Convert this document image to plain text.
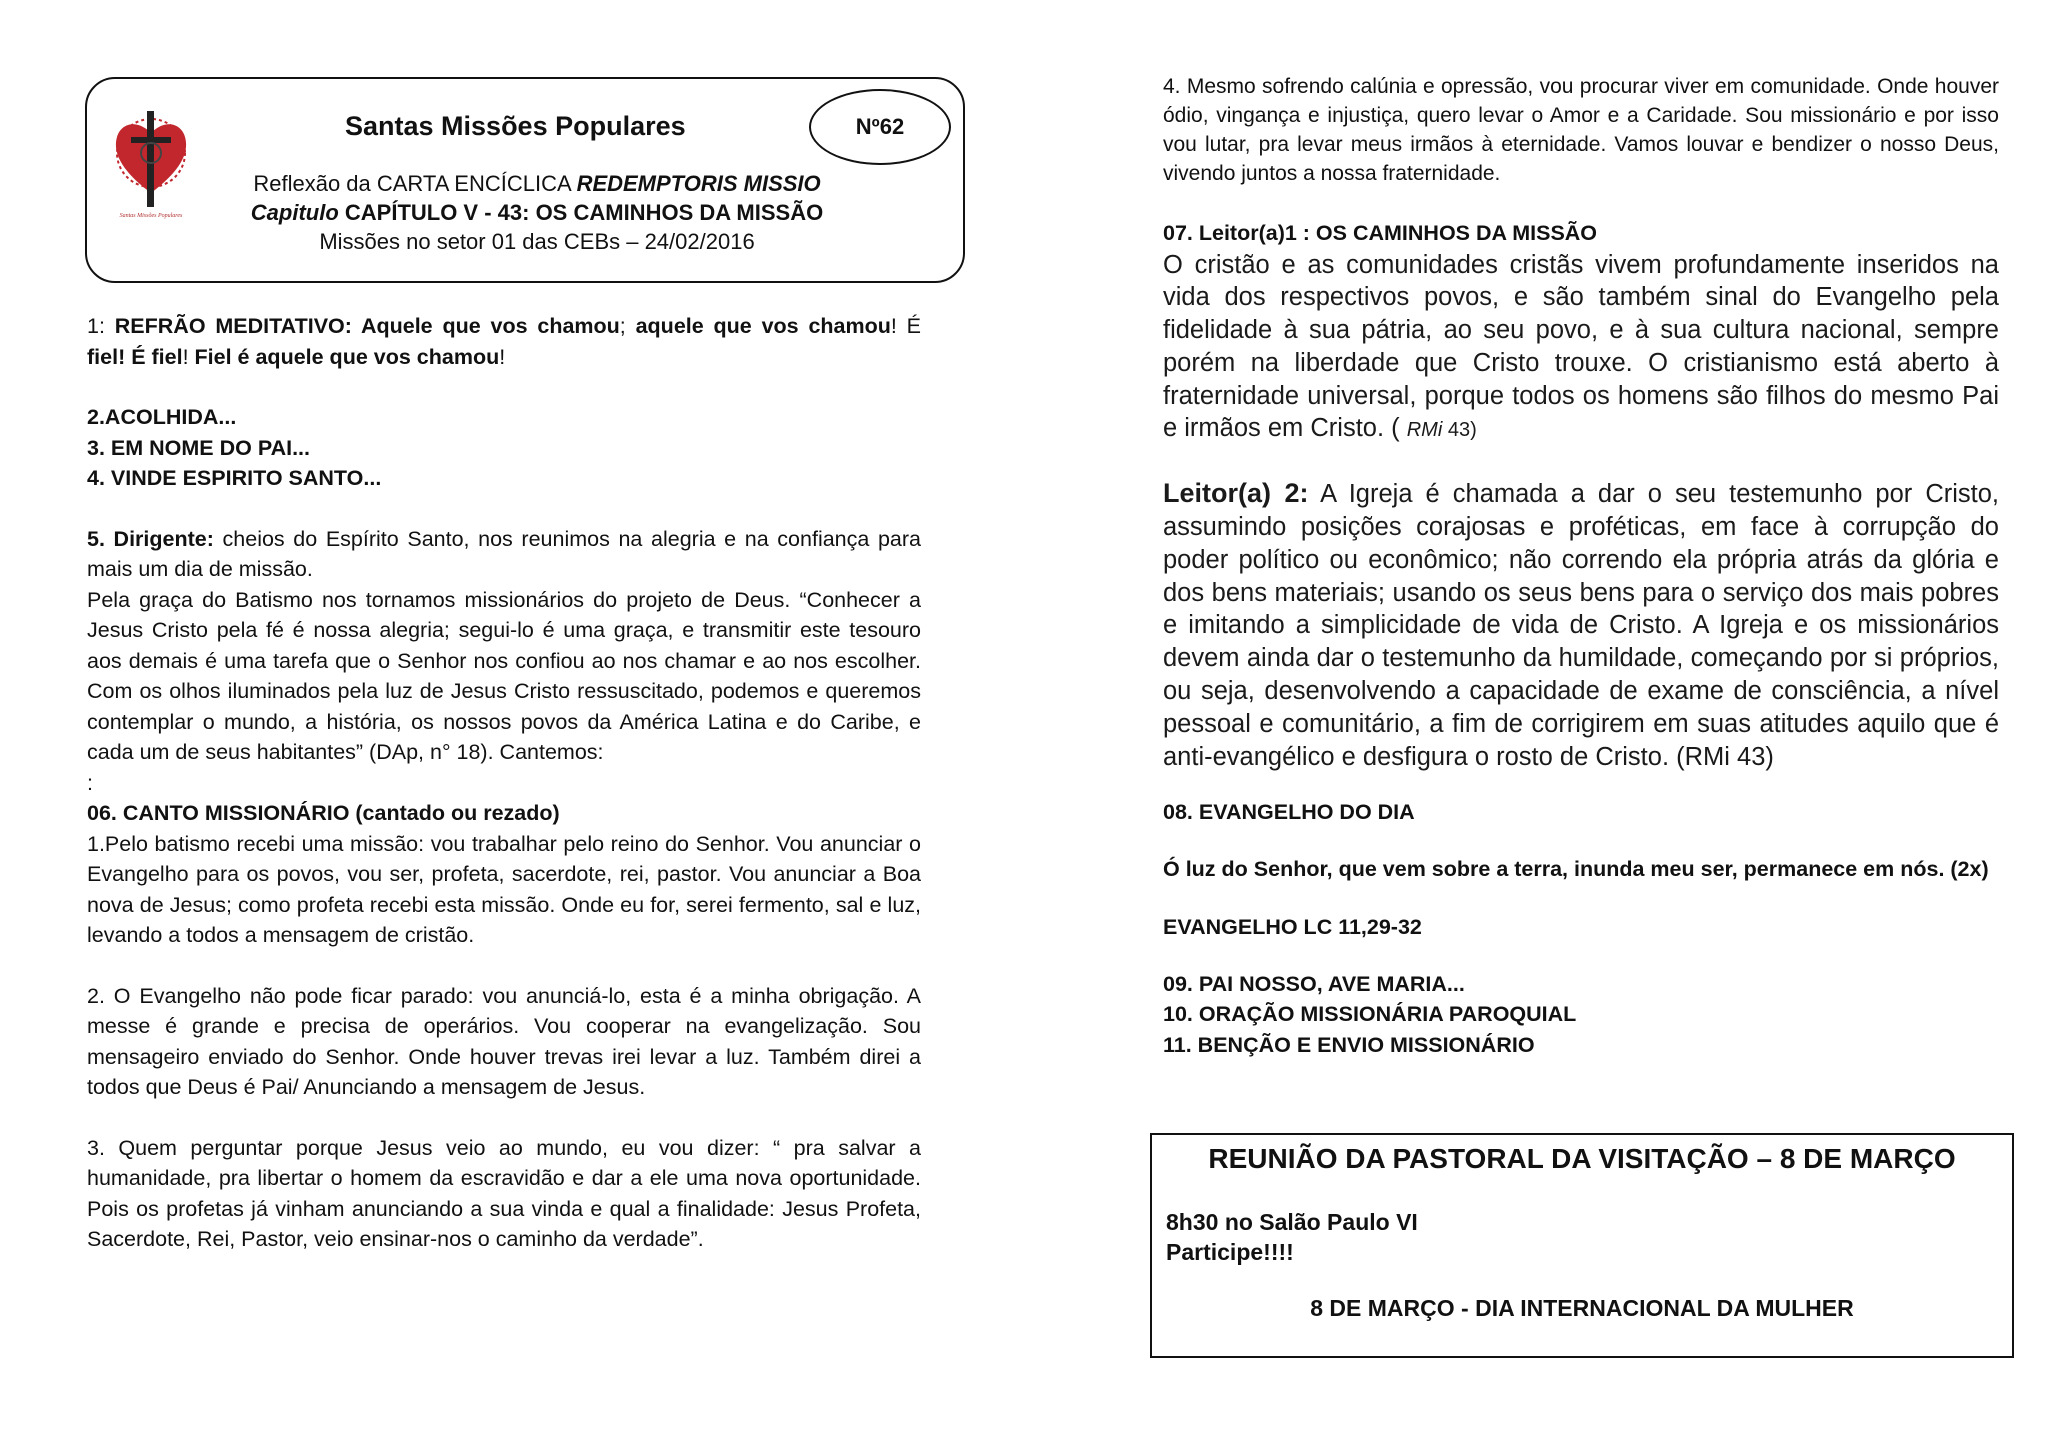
Santas Missões Populares
Santas Missões Populares	Nº62
Reflexão da CARTA ENCÍCLICA REDEMPTORIS MISSIO
Capitulo CAPÍTULO V - 43: OS CAMINHOS DA MISSÃO
Missões no setor 01 das CEBs – 24/02/2016

1: REFRÃO MEDITATIVO: Aquele que vos chamou; aquele que vos chamou! É fiel! É fiel! Fiel é aquele que vos chamou!

2.ACOLHIDA...

3. EM NOME DO PAI...

4. VINDE ESPIRITO SANTO...

5. Dirigente: cheios do Espírito Santo, nos reunimos na alegria e na confiança para mais um dia de missão.

Pela graça do Batismo nos tornamos missionários do projeto de Deus. “Conhecer a Jesus Cristo pela fé é nossa alegria; segui-lo é uma graça, e transmitir este tesouro aos demais é uma tarefa que o Senhor nos confiou ao nos chamar e ao nos escolher. Com os olhos iluminados pela luz de Jesus Cristo ressuscitado, podemos e queremos contemplar o mundo, a história, os nossos povos da América Latina e do Caribe, e cada um de seus habitantes” (DAp, n° 18). Cantemos:

:

06. CANTO MISSIONÁRIO (cantado ou rezado)

1.Pelo batismo recebi uma missão: vou trabalhar pelo reino do Senhor. Vou anunciar o Evangelho para os povos, vou ser, profeta, sacerdote, rei, pastor. Vou anunciar a Boa nova de Jesus; como profeta recebi esta missão. Onde eu for, serei fermento, sal e luz, levando a todos a mensagem de cristão.

2. O Evangelho não pode ficar parado: vou anunciá-lo, esta é a minha obrigação. A messe é grande e precisa de operários. Vou cooperar na evangelização. Sou mensageiro enviado do Senhor. Onde houver trevas irei levar a luz. Também direi a todos que Deus é Pai/ Anunciando a mensagem de Jesus.

3. Quem perguntar porque Jesus veio ao mundo, eu vou dizer: “ pra salvar a humanidade, pra libertar o homem da escravidão e dar a ele uma nova oportunidade. Pois os profetas já vinham anunciando a sua vinda e qual a finalidade: Jesus Profeta, Sacerdote, Rei, Pastor, veio ensinar-nos o caminho da verdade”.

4. Mesmo sofrendo calúnia e opressão, vou procurar viver em comunidade. Onde houver ódio, vingança e injustiça, quero levar o Amor e a Caridade. Sou missionário e por isso vou lutar, pra levar meus irmãos à eternidade. Vamos louvar e bendizer o nosso Deus, vivendo juntos a nossa fraternidade.

07. Leitor(a)1 : OS CAMINHOS DA MISSÃO

O cristão e as comunidades cristãs vivem profundamente inseridos na vida dos respectivos povos, e são também sinal do Evangelho pela fidelidade à sua pátria, ao seu povo, e à sua cultura nacional, sempre porém na liberdade que Cristo trouxe. O cristianismo está aberto à fraternidade universal, porque todos os homens são filhos do mesmo Pai e irmãos em Cristo. ( RMi 43)

Leitor(a) 2: A Igreja é chamada a dar o seu testemunho por Cristo, assumindo posições corajosas e proféticas, em face à corrupção do poder político ou econômico; não correndo ela própria atrás da glória e dos bens materiais; usando os seus bens para o serviço dos mais pobres e imitando a simplicidade de vida de Cristo. A Igreja e os missionários devem ainda dar o testemunho da humildade, começando por si próprios, ou seja, desenvolvendo a capacidade de exame de consciência, a nível pessoal e comunitário, a fim de corrigirem em suas atitudes aquilo que é anti-evangélico e desfigura o rosto de Cristo. (RMi 43)

08. EVANGELHO DO DIA

Ó luz do Senhor, que vem sobre a terra, inunda meu ser, permanece em nós. (2x)

EVANGELHO LC 11,29-32

09. PAI NOSSO, AVE MARIA...

10. ORAÇÃO MISSIONÁRIA PAROQUIAL

11. BENÇÃO E ENVIO MISSIONÁRIO

REUNIÃO DA PASTORAL DA VISITAÇÃO – 8 DE MARÇO
8h30 no Salão Paulo VI
Participe!!!!
8 DE MARÇO - DIA INTERNACIONAL DA MULHER
